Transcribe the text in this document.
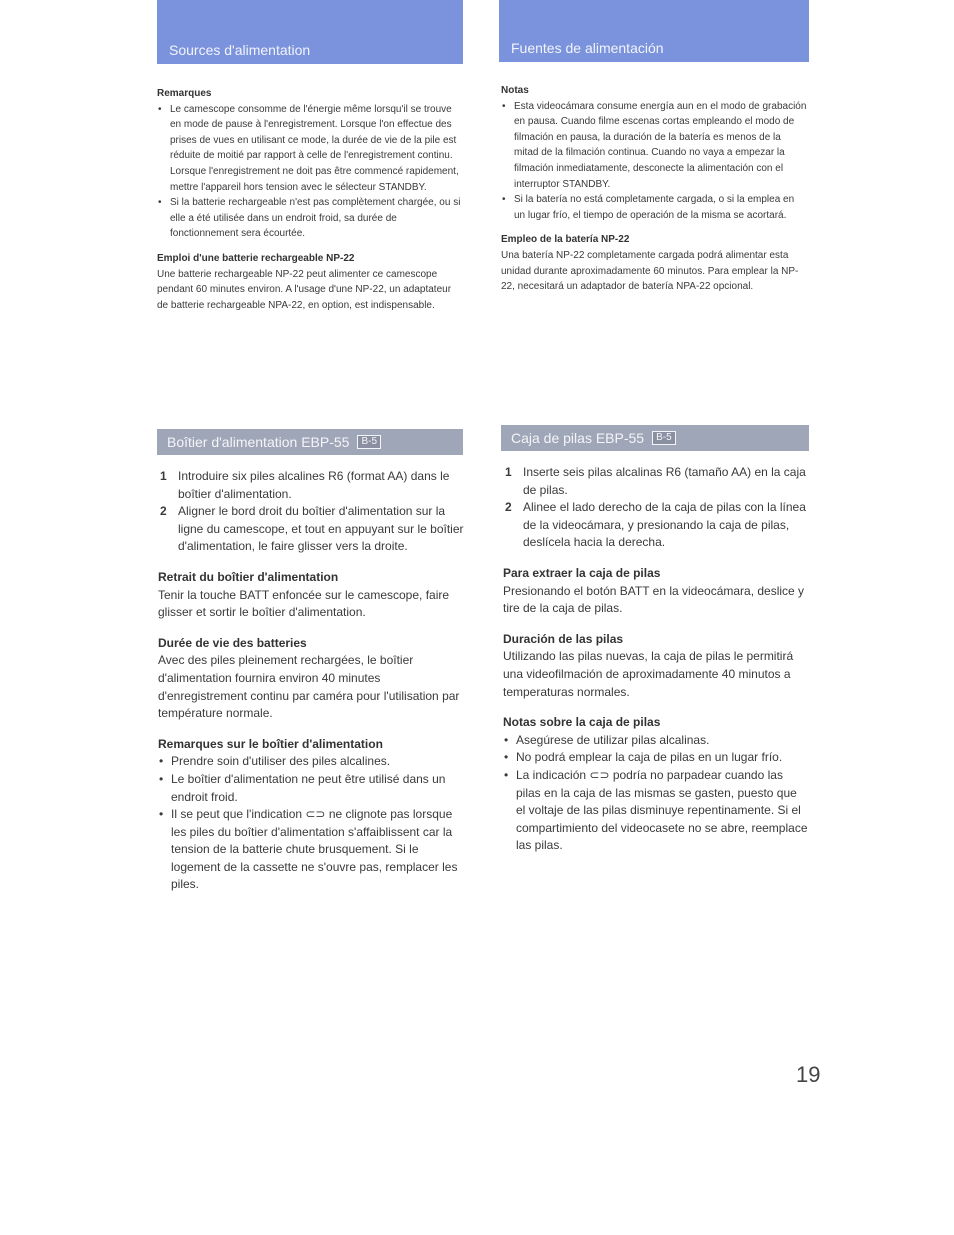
Sources d'alimentation	Fuentes de alimentación
Remarques
• Le camescope consomme de l'énergie même lorsqu'il se trouve en mode de pause à l'enregistrement. Lorsque l'on effectue des prises de vues en utilisant ce mode, la durée de vie de la pile est réduite de moitié par rapport à celle de l'enregistrement continu. Lorsque l'enregistrement ne doit pas être commencé rapidement, mettre l'appareil hors tension avec le sélecteur STANDBY.
• Si la batterie rechargeable n'est pas complètement chargée, ou si elle a été utilisée dans un endroit froid, sa durée de fonctionnement sera écourtée.
Emploi d'une batterie rechargeable NP-22

Une batterie rechargeable NP-22 peut alimenter ce camescope pendant 60 minutes environ. A l'usage d'une NP-22, un adaptateur de batterie rechargeable NPA-22, en option, est indispensable.

Notas
• Esta videocámara consume energía aun en el modo de grabación en pausa. Cuando filme escenas cortas empleando el modo de filmación en pausa, la duración de la batería es menos de la mitad de la filmación continua. Cuando no vaya a empezar la filmación inmediatamente, desconecte la alimentación con el interruptor STANDBY.
• Si la batería no está completamente cargada, o si la emplea en un lugar frío, el tiempo de operación de la misma se acortará.
Empleo de la batería NP-22

Una batería NP-22 completamente cargada podrá alimentar esta unidad durante aproximadamente 60 minutos. Para emplear la NP-22, necesitará un adaptador de batería NPA-22 opcional.

Boîtier d'alimentation EBP-55	B-5	Caja de pilas EBP-55	B-5
1 Introduire six piles alcalines R6 (format AA) dans le boîtier d'alimentation.
2 Aligner le bord droit du boîtier d'alimentation sur la ligne du camescope, et tout en appuyant sur le boîtier d'alimentation, le faire glisser vers la droite.
Retrait du boîtier d'alimentation

Tenir la touche BATT enfoncée sur le camescope, faire glisser et sortir le boîtier d'alimentation.

Durée de vie des batteries

Avec des piles pleinement rechargées, le boîtier d'alimentation fournira environ 40 minutes d'enregistrement continu par caméra pour l'utilisation par température normale.

Remarques sur le boîtier d'alimentation
• Prendre soin d'utiliser des piles alcalines.
• Le boîtier d'alimentation ne peut être utilisé dans un endroit froid.
• Il se peut que l'indication ⊂⊃ ne clignote pas lorsque les piles du boîtier d'alimentation s'affaiblissent car la tension de la batterie chute brusquement. Si le logement de la cassette ne s'ouvre pas, remplacer les piles.
1 Inserte seis pilas alcalinas R6 (tamaño AA) en la caja de pilas.
2 Alinee el lado derecho de la caja de pilas con la línea de la videocámara, y presionando la caja de pilas, deslícela hacia la derecha.
Para extraer la caja de pilas

Presionando el botón BATT en la videocámara, deslice y tire de la caja de pilas.

Duración de las pilas

Utilizando las pilas nuevas, la caja de pilas le permitirá una videofilmación de aproximadamente 40 minutos a temperaturas normales.

Notas sobre la caja de pilas
• Asegúrese de utilizar pilas alcalinas.
• No podrá emplear la caja de pilas en un lugar frío.
• La indicación ⊂⊃ podría no parpadear cuando las pilas en la caja de las mismas se gasten, puesto que el voltaje de las pilas disminuye repentinamente. Si el compartimiento del videocasete no se abre, reemplace las pilas.
19
